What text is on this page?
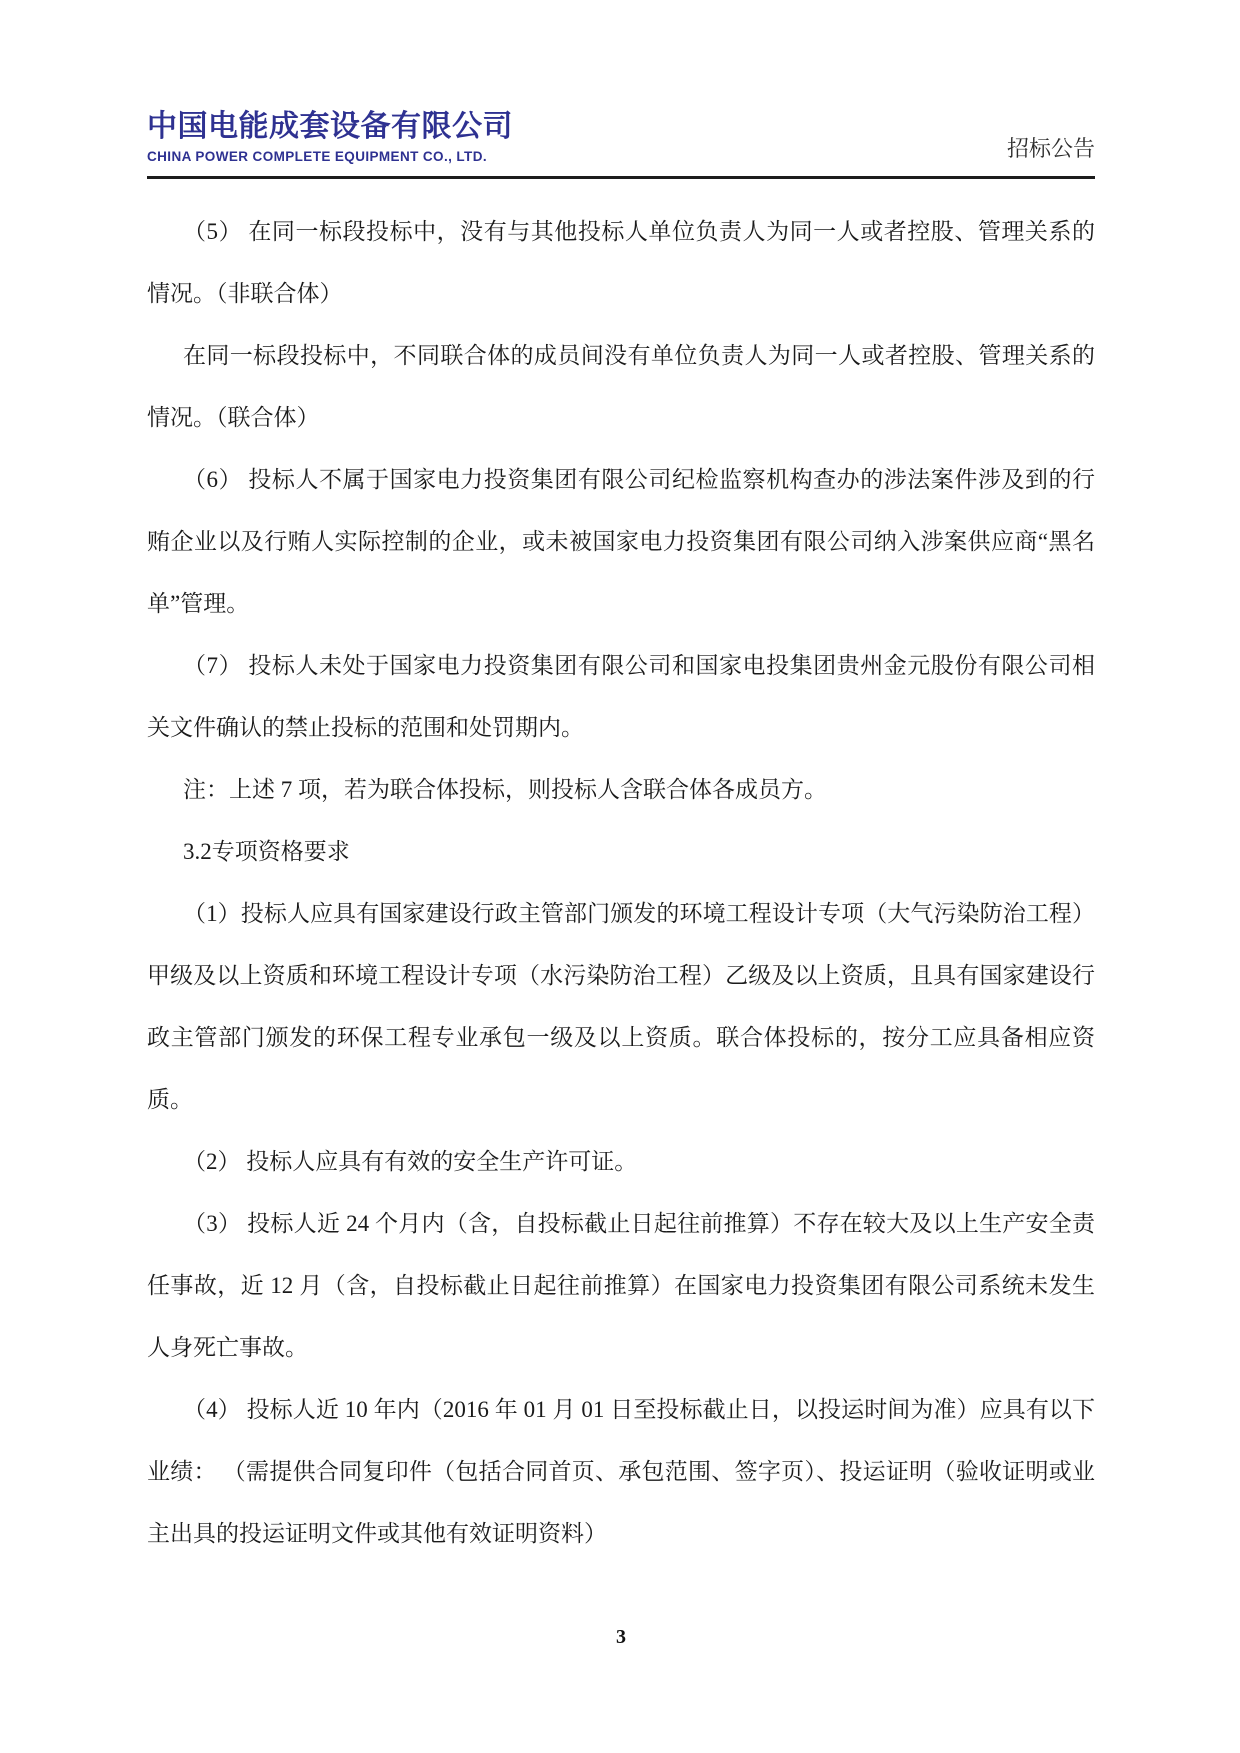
中国电能成套设备有限公司
CHINA POWER COMPLETE EQUIPMENT CO., LTD.	招标公告

（5） 在同一标段投标中，没有与其他投标人单位负责人为同一人或者控股、管理关系的情况。（非联合体）

在同一标段投标中，不同联合体的成员间没有单位负责人为同一人或者控股、管理关系的情况。（联合体）

（6） 投标人不属于国家电力投资集团有限公司纪检监察机构查办的涉法案件涉及到的行贿企业以及行贿人实际控制的企业，或未被国家电力投资集团有限公司纳入涉案供应商“黑名单”管理。

（7） 投标人未处于国家电力投资集团有限公司和国家电投集团贵州金元股份有限公司相关文件确认的禁止投标的范围和处罚期内。

注：上述 7 项，若为联合体投标，则投标人含联合体各成员方。

3.2专项资格要求

（1）投标人应具有国家建设行政主管部门颁发的环境工程设计专项（大气污染防治工程）甲级及以上资质和环境工程设计专项（水污染防治工程）乙级及以上资质，且具有国家建设行政主管部门颁发的环保工程专业承包一级及以上资质。联合体投标的，按分工应具备相应资质。

（2） 投标人应具有有效的安全生产许可证。

（3） 投标人近 24 个月内（含，自投标截止日起往前推算）不存在较大及以上生产安全责任事故，近 12 月（含，自投标截止日起往前推算）在国家电力投资集团有限公司系统未发生人身死亡事故。

（4） 投标人近 10 年内（2016 年 01 月 01 日至投标截止日，以投运时间为准）应具有以下业绩： （需提供合同复印件（包括合同首页、承包范围、签字页）、投运证明（验收证明或业主出具的投运证明文件或其他有效证明资料）

3
